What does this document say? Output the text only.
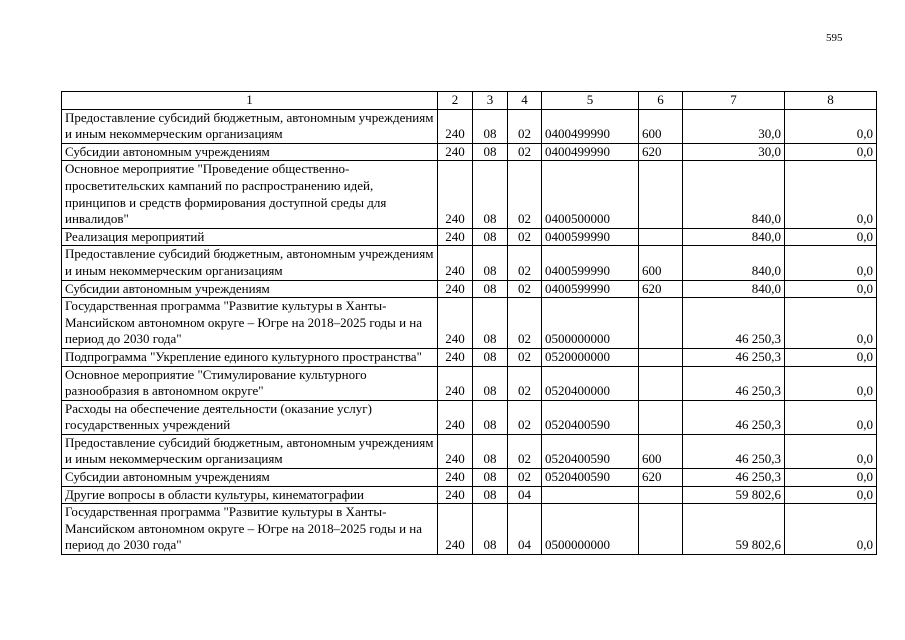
595
1	2	3	4	5	6	7	8
Предоставление субсидий бюджетным, автономным учреждениям и иным некоммерческим организациям	240	08	02	0400499990	600	30,0	0,0
Субсидии автономным учреждениям	240	08	02	0400499990	620	30,0	0,0
Основное мероприятие "Проведение общественно-просветительских кампаний по распространению идей, принципов и средств формирования доступной среды для инвалидов"	240	08	02	0400500000		840,0	0,0
Реализация мероприятий	240	08	02	0400599990		840,0	0,0
Предоставление субсидий бюджетным, автономным учреждениям и иным некоммерческим организациям	240	08	02	0400599990	600	840,0	0,0
Субсидии автономным учреждениям	240	08	02	0400599990	620	840,0	0,0
Государственная программа "Развитие культуры в Ханты-Мансийском автономном округе – Югре на 2018–2025 годы и на период до 2030 года"	240	08	02	0500000000		46 250,3	0,0
Подпрограмма "Укрепление единого культурного пространства"	240	08	02	0520000000		46 250,3	0,0
Основное мероприятие "Стимулирование культурного разнообразия в автономном округе"	240	08	02	0520400000		46 250,3	0,0
Расходы на обеспечение деятельности (оказание услуг) государственных учреждений	240	08	02	0520400590		46 250,3	0,0
Предоставление субсидий бюджетным, автономным учреждениям и иным некоммерческим организациям	240	08	02	0520400590	600	46 250,3	0,0
Субсидии автономным учреждениям	240	08	02	0520400590	620	46 250,3	0,0
Другие вопросы в области культуры, кинематографии	240	08	04			59 802,6	0,0
Государственная программа "Развитие культуры в Ханты-Мансийском автономном округе – Югре на 2018–2025 годы и на период до 2030 года"	240	08	04	0500000000		59 802,6	0,0
